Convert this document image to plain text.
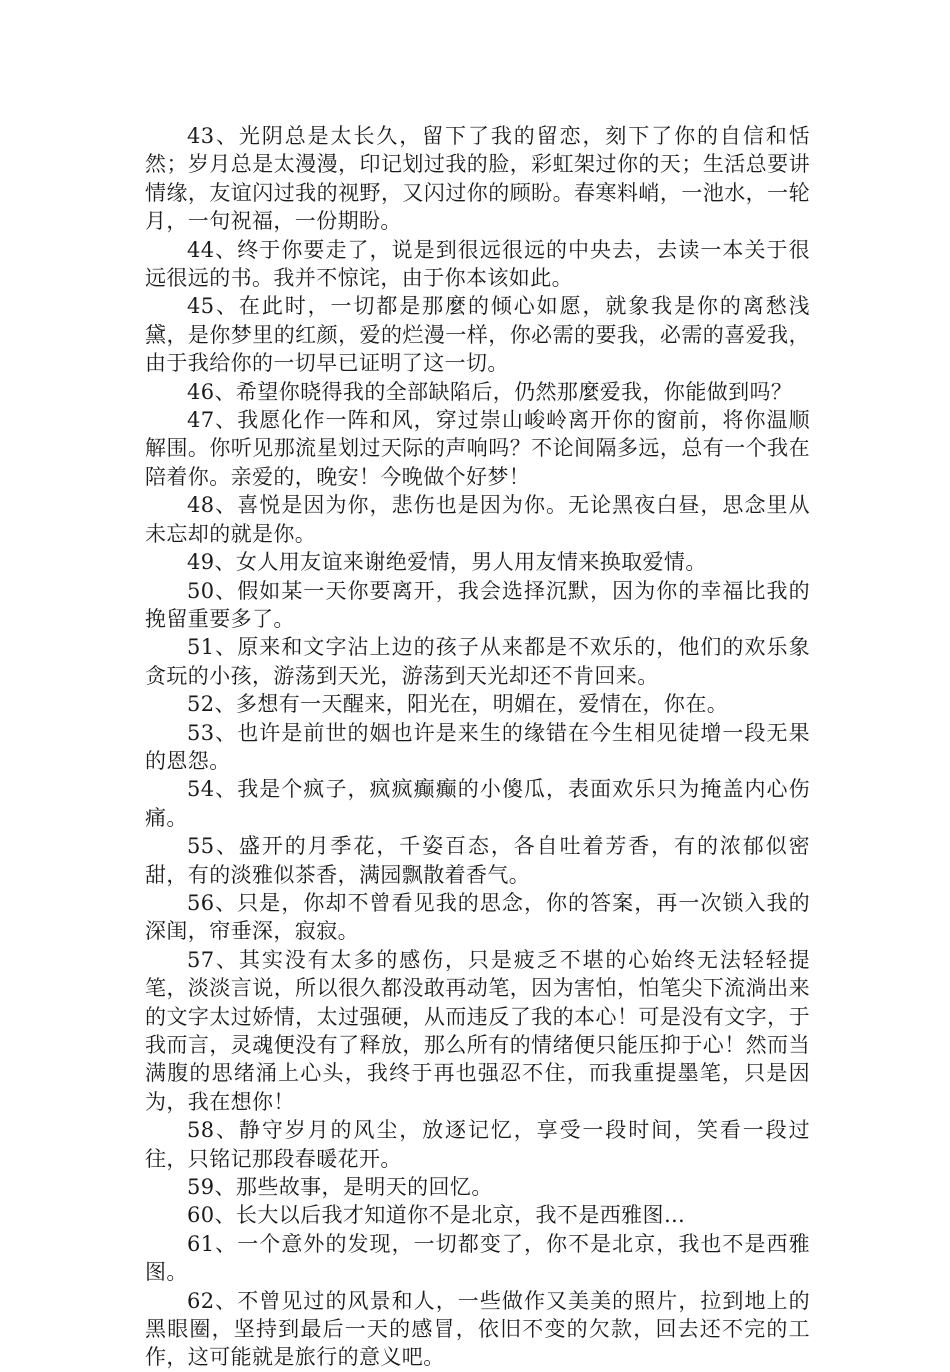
43、光阴总是太长久，留下了我的留恋，刻下了你的自信和恬然；岁月总是太漫漫，印记划过我的脸，彩虹架过你的天；生活总要讲情缘，友谊闪过我的视野，又闪过你的顾盼。春寒料峭，一池水，一轮月，一句祝福，一份期盼。

44、终于你要走了，说是到很远很远的中央去，去读一本关于很远很远的书。我并不惊诧，由于你本该如此。

45、在此时，一切都是那麼的倾心如愿，就象我是你的离愁浅黛，是你梦里的红颜，爱的烂漫一样，你必需的要我，必需的喜爱我，由于我给你的一切早已证明了这一切。

46、希望你晓得我的全部缺陷后，仍然那麼爱我，你能做到吗？

47、我愿化作一阵和风，穿过崇山峻岭离开你的窗前，将你温顺解围。你听见那流星划过天际的声响吗？不论间隔多远，总有一个我在陪着你。亲爱的，晚安！今晚做个好梦！

48、喜悦是因为你，悲伤也是因为你。无论黑夜白昼，思念里从未忘却的就是你。

49、女人用友谊来谢绝爱情，男人用友情来换取爱情。

50、假如某一天你要离开，我会选择沉默，因为你的幸福比我的挽留重要多了。

51、原来和文字沾上边的孩子从来都是不欢乐的，他们的欢乐象贪玩的小孩，游荡到天光，游荡到天光却还不肯回来。

52、多想有一天醒来，阳光在，明媚在，爱情在，你在。

53、也许是前世的姻也许是来生的缘错在今生相见徒增一段无果的恩怨。

54、我是个疯子，疯疯癫癫的小傻瓜，表面欢乐只为掩盖内心伤痛。

55、盛开的月季花，千姿百态，各自吐着芳香，有的浓郁似密甜，有的淡雅似茶香，满园飘散着香气。

56、只是，你却不曾看见我的思念，你的答案，再一次锁入我的深闺，帘垂深，寂寂。

57、其实没有太多的感伤，只是疲乏不堪的心始终无法轻轻提笔，淡淡言说，所以很久都没敢再动笔，因为害怕，怕笔尖下流淌出来的文字太过娇情，太过强硬，从而违反了我的本心！可是没有文字，于我而言，灵魂便没有了释放，那么所有的情绪便只能压抑于心！然而当满腹的思绪涌上心头，我终于再也强忍不住，而我重提墨笔，只是因为，我在想你！

58、静守岁月的风尘，放逐记忆，享受一段时间，笑看一段过往，只铭记那段春暖花开。

59、那些故事，是明天的回忆。

60、长大以后我才知道你不是北京，我不是西雅图…

61、一个意外的发现，一切都变了，你不是北京，我也不是西雅图。

62、不曾见过的风景和人，一些做作又美美的照片，拉到地上的黑眼圈，坚持到最后一天的感冒，依旧不变的欠款，回去还不完的工作，这可能就是旅行的意义吧。
